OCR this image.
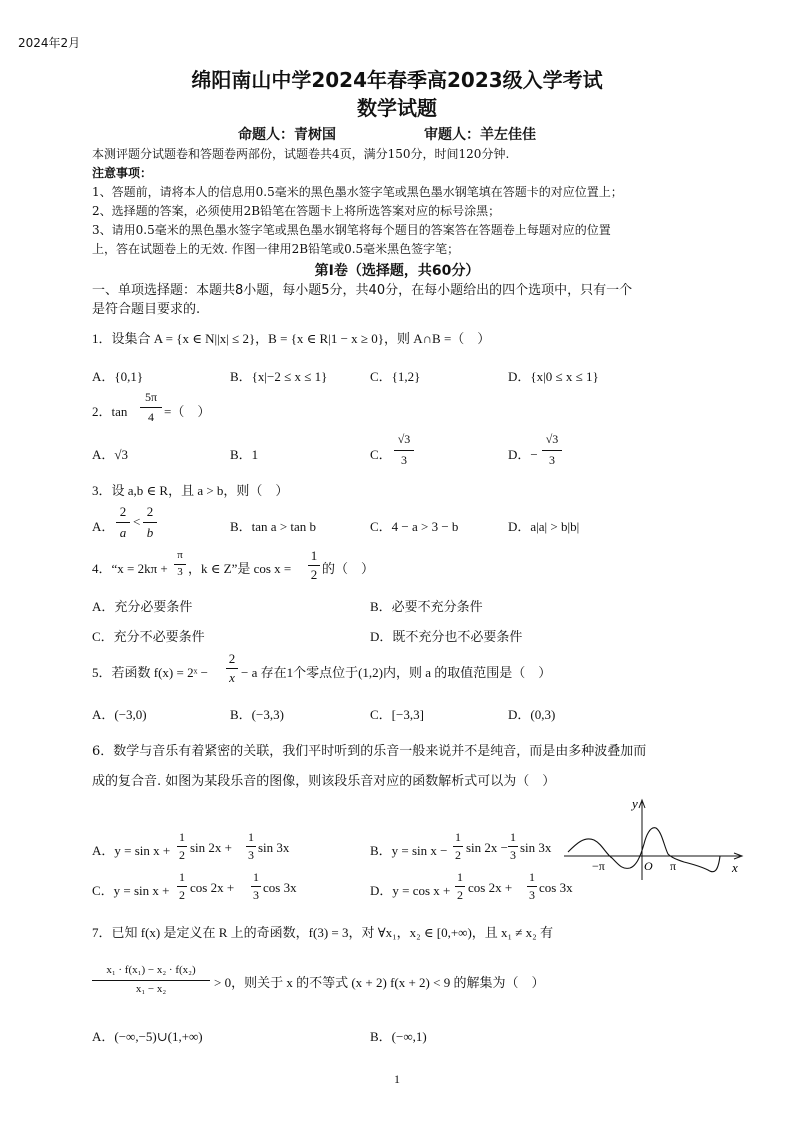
2024年2月
绵阳南山中学2024年春季高2023级入学考试
数学试题
命题人：青树国	审题人：羊左佳佳
本测评题分试题卷和答题卷两部份，试题卷共4页，满分150分，时间120分钟.
注意事项：
1、答题前，请将本人的信息用0.5毫米的黑色墨水签字笔或黑色墨水钢笔填在答题卡的对应位置上；
2、选择题的答案，必须使用2B铅笔在答题卡上将所选答案对应的标号涂黑；
3、请用0.5毫米的黑色墨水签字笔或黑色墨水钢笔将每个题目的答案答在答题卷上每题对应的位置
上，答在试题卷上的无效. 作图一律用2B铅笔或0.5毫米黑色签字笔；
第Ⅰ卷（选择题，共60分）
一、单项选择题：本题共8小题，每小题5分，共40分，在每小题给出的四个选项中，只有一个
是符合题目要求的.
1．设集合 A = {x ∈ N||x| ≤ 2}，B = {x ∈ R|1 − x ≥ 0}，则 A∩B =（　）
A．{0,1}	B．{x|−2 ≤ x ≤ 1}	C．{1,2}	D．{x|0 ≤ x ≤ 1}
2．tan
5π
4 =（　）
A．√3	B．1	C．
√3
3	D．−
√3
3
3．设 a,b ∈ R，且 a > b，则（　）
A．
2
a
<
2
b	B．tan a > tan b	C．4 − a > 3 − b	D．a|a| > b|b|
4．“x = 2kπ +
π
3 ，k ∈ Z”是 cos x =
1
2 的（　）
A．充分必要条件	B．必要不充分条件
C．充分不必要条件	D．既不充分也不必要条件
5．若函数 f(x) = 2ˣ −
2
x − a 存在1个零点位于(1,2)内，则 a 的取值范围是（　）
A．(−3,0)	B．(−3,3)	C．[−3,3]	D．(0,3)
6．数学与音乐有着紧密的关联，我们平时听到的乐音一般来说并不是纯音，而是由多种波叠加而
成的复合音. 如图为某段乐音的图像，则该段乐音对应的函数解析式可以为（　）
A．y = sin x +
1
2 sin 2x +
1
3 sin 3x	B．y = sin x −
1
2 sin 2x −
1
3 sin 3x
C．y = sin x +
1
2 cos 2x +
1
3 cos 3x	D．y = cos x +
1
2 cos 2x +
1
3 cos 3x
y
x
O
−π	π
7．已知 f(x) 是定义在 R 上的奇函数，f(3) = 3，对 ∀x₁，x₂ ∈ [0,+∞)，且 x₁ ≠ x₂ 有
x₁ · f(x₁) − x₂ · f(x₂)
x₁ − x₂	> 0，则关于 x 的不等式 (x + 2) f(x + 2) < 9 的解集为（　）
A．(−∞,−5)∪(1,+∞)	B．(−∞,1)
1
